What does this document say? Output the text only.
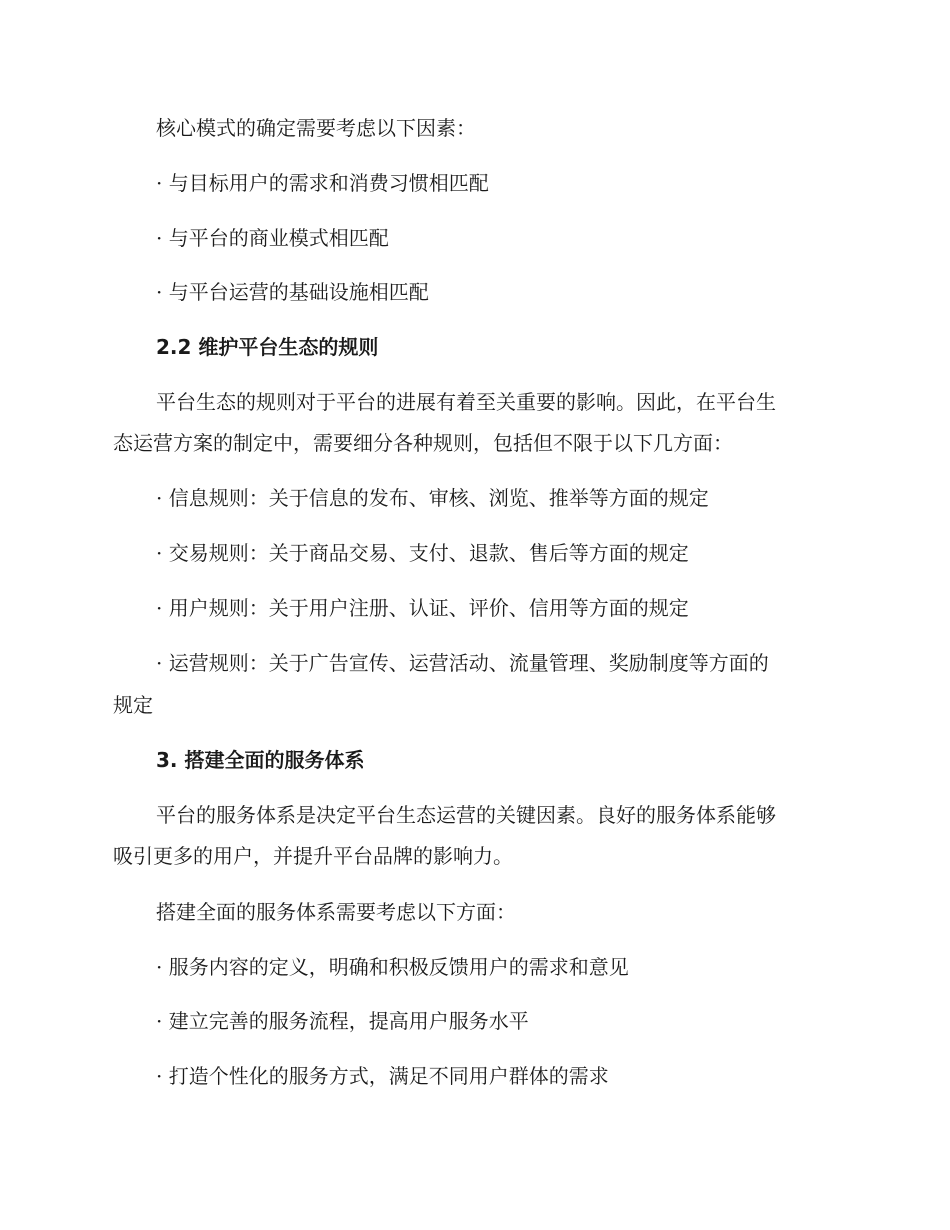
核心模式的确定需要考虑以下因素：
· 与目标用户的需求和消费习惯相匹配
· 与平台的商业模式相匹配
· 与平台运营的基础设施相匹配
2.2 维护平台生态的规则
平台生态的规则对于平台的进展有着至关重要的影响。因此，在平台生
态运营方案的制定中，需要细分各种规则，包括但不限于以下几方面：
· 信息规则：关于信息的发布、审核、浏览、推举等方面的规定
· 交易规则：关于商品交易、支付、退款、售后等方面的规定
· 用户规则：关于用户注册、认证、评价、信用等方面的规定
· 运营规则：关于广告宣传、运营活动、流量管理、奖励制度等方面的
规定
3. 搭建全面的服务体系
平台的服务体系是决定平台生态运营的关键因素。良好的服务体系能够
吸引更多的用户，并提升平台品牌的影响力。
搭建全面的服务体系需要考虑以下方面：
· 服务内容的定义，明确和积极反馈用户的需求和意见
· 建立完善的服务流程，提高用户服务水平
· 打造个性化的服务方式，满足不同用户群体的需求
